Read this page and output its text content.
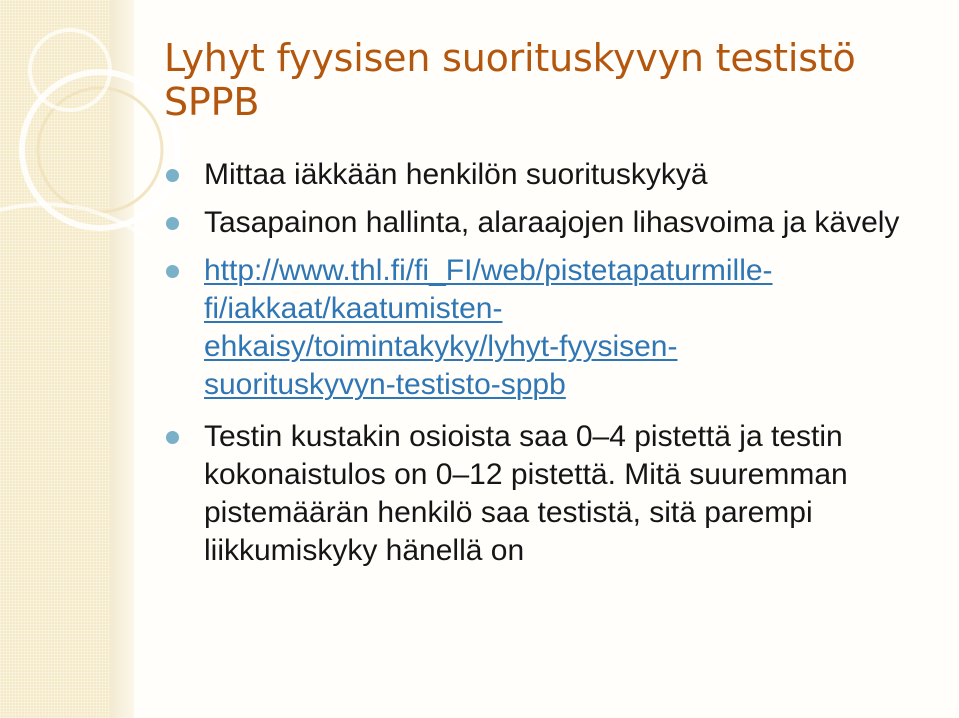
Lyhyt fyysisen suorituskyvyn testistö SPPB
Mittaa iäkkään henkilön suorituskykyä
Tasapainon hallinta, alaraajojen lihasvoima ja kävely
http://www.thl.fi/fi_FI/web/pistetapaturmille-
fi/iakkaat/kaatumisten-
ehkaisy/toimintakyky/lyhyt-fyysisen-
suorituskyvyn-testisto-sppb
Testin kustakin osioista saa 0–4 pistettä ja testin kokonaistulos on 0–12 pistettä. Mitä suuremman pistemäärän henkilö saa testistä, sitä parempi liikkumiskyky hänellä on
